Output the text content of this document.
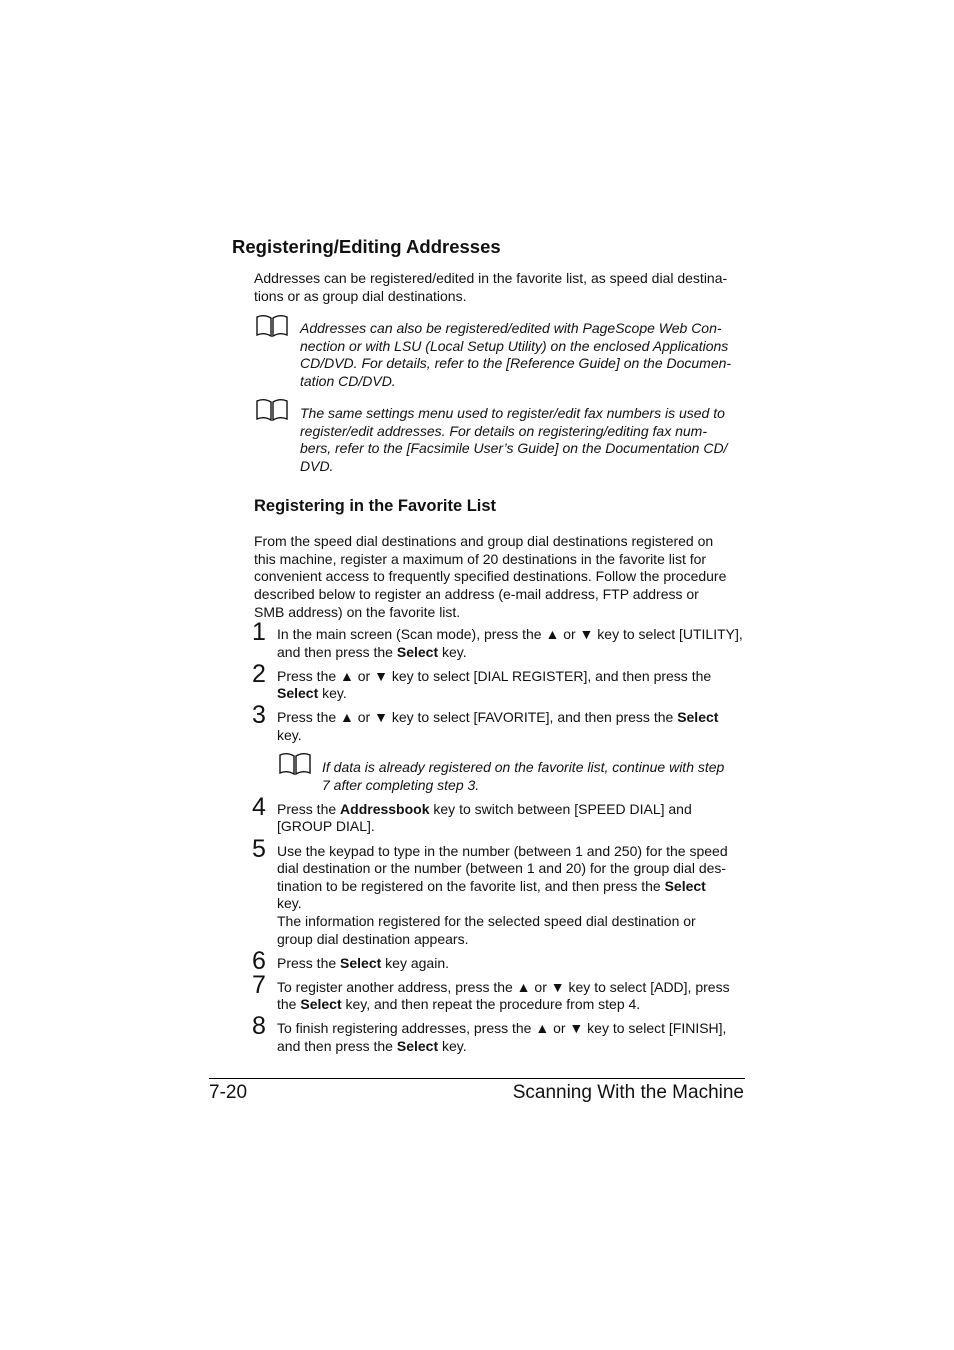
Registering/Editing Addresses
Addresses can be registered/edited in the favorite list, as speed dial destina-
tions or as group dial destinations.
Addresses can also be registered/edited with PageScope Web Con-
nection or with LSU (Local Setup Utility) on the enclosed Applications
CD/DVD. For details, refer to the [Reference Guide] on the Documen-
tation CD/DVD.
The same settings menu used to register/edit fax numbers is used to
register/edit addresses. For details on registering/editing fax num-
bers, refer to the [Facsimile User’s Guide] on the Documentation CD/
DVD.
Registering in the Favorite List
From the speed dial destinations and group dial destinations registered on
this machine, register a maximum of 20 destinations in the favorite list for
convenient access to frequently specified destinations. Follow the procedure
described below to register an address (e-mail address, FTP address or
SMB address) on the favorite list.
1 In the main screen (Scan mode), press the ▲ or ▼ key to select [UTILITY],
and then press the Select key.
2 Press the ▲ or ▼ key to select [DIAL REGISTER], and then press the
Select key.
3 Press the ▲ or ▼ key to select [FAVORITE], and then press the Select
key.
If data is already registered on the favorite list, continue with step
7 after completing step 3.
4 Press the Addressbook key to switch between [SPEED DIAL] and
[GROUP DIAL].
5 Use the keypad to type in the number (between 1 and 250) for the speed
dial destination or the number (between 1 and 20) for the group dial des-
tination to be registered on the favorite list, and then press the Select
key.
The information registered for the selected speed dial destination or
group dial destination appears.
6 Press the Select key again.
7 To register another address, press the ▲ or ▼ key to select [ADD], press
the Select key, and then repeat the procedure from step 4.
8 To finish registering addresses, press the ▲ or ▼ key to select [FINISH],
and then press the Select key.
7-20	Scanning With the Machine
